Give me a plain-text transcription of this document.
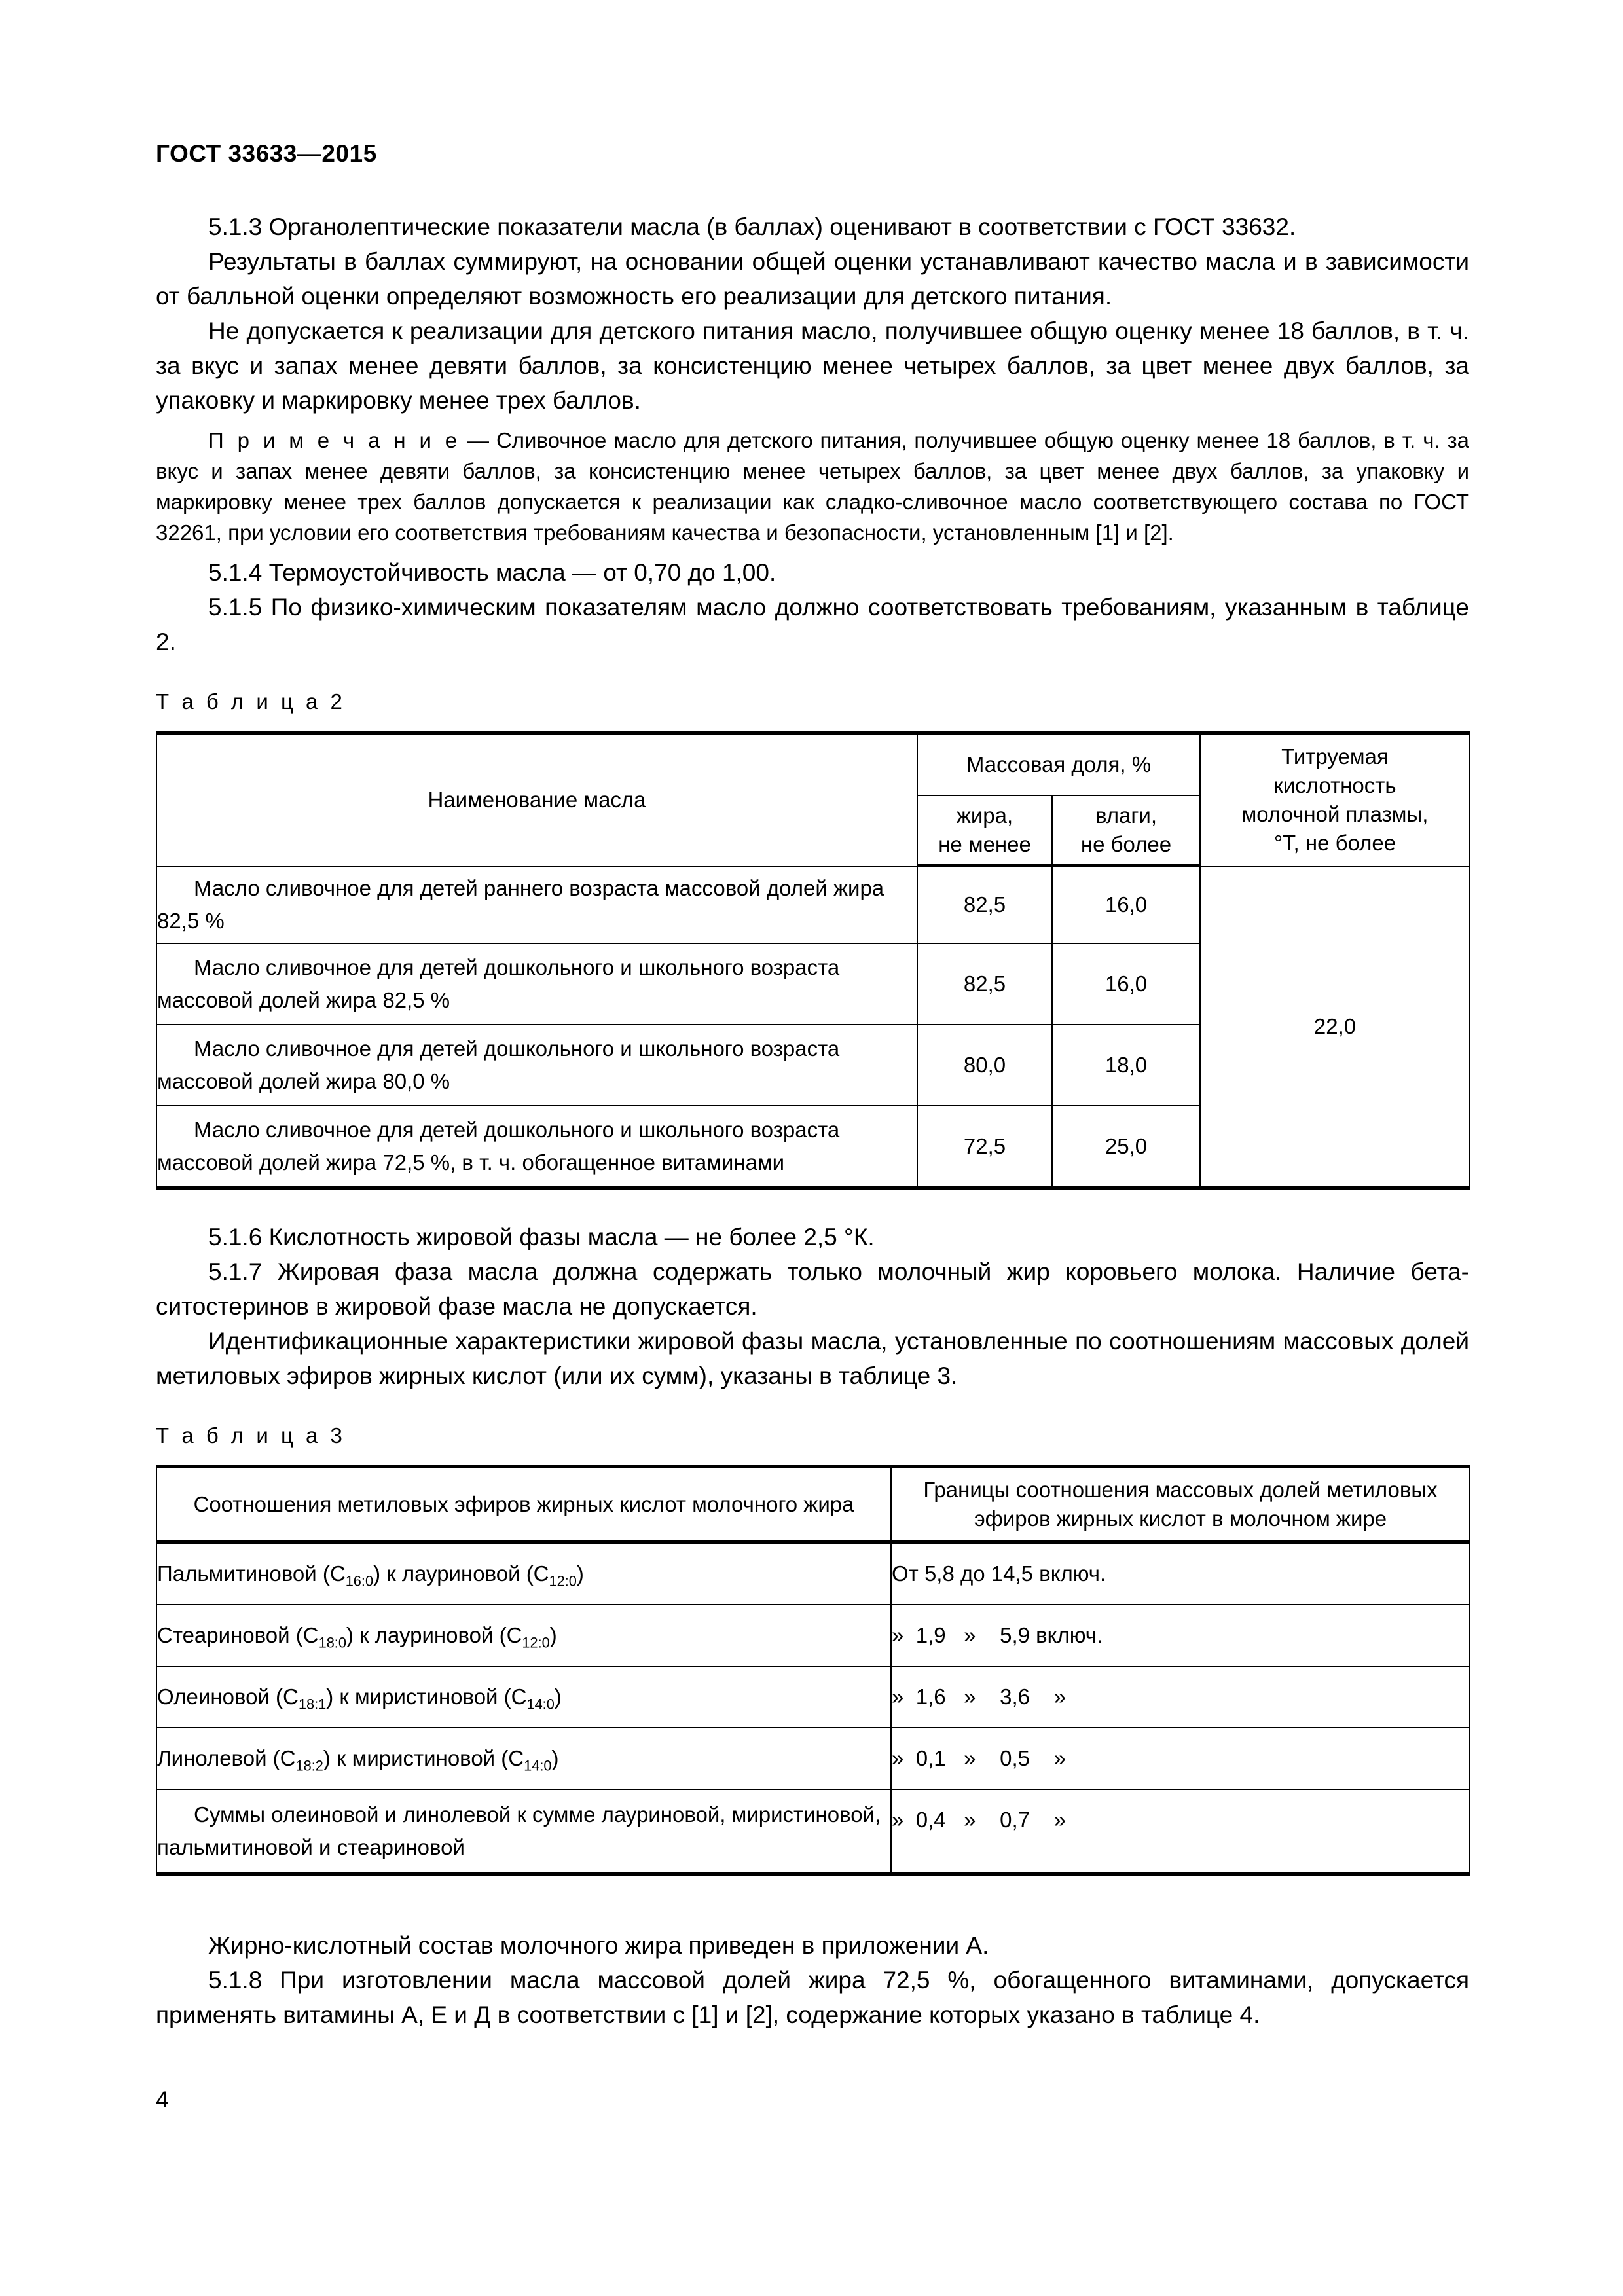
ГОСТ 33633—2015

5.1.3 Органолептические показатели масла (в баллах) оценивают в соответствии с ГОСТ 33632.

Результаты в баллах суммируют, на основании общей оценки устанавливают качество масла и в зависимости от балльной оценки определяют возможность его реализации для детского питания.

Не допускается к реализации для детского питания масло, получившее общую оценку менее 18 баллов, в т. ч. за вкус и запах менее девяти баллов, за консистенцию менее четырех баллов, за цвет менее двух баллов, за упаковку и маркировку менее трех баллов.

П р и м е ч а н и е — Сливочное масло для детского питания, получившее общую оценку менее 18 баллов, в т. ч. за вкус и запах менее девяти баллов, за консистенцию менее четырех баллов, за цвет менее двух баллов, за упаковку и маркировку менее трех баллов допускается к реализации как сладко-сливочное масло соответствующего состава по ГОСТ 32261, при условии его соответствия требованиям качества и безопасности, установленным [1] и [2].

5.1.4 Термоустойчивость масла — от 0,70 до 1,00.

5.1.5 По физико-химическим показателям масло должно соответствовать требованиям, указанным в таблице 2.

Т а б л и ц а 2

Наименование масла	Массовая доля, %		Титруемая
кислотность
молочной плазмы,
°Т, не более
	жира,
не менее	влаги,
не более	
Масло сливочное для детей раннего возраста массовой долей жира 82,5 %	82,5	16,0	22,0
Масло сливочное для детей дошкольного и школьного возраста массовой долей жира 82,5 %	82,5	16,0	
Масло сливочное для детей дошкольного и школьного возраста массовой долей жира 80,0 %	80,0	18,0	
Масло сливочное для детей дошкольного и школьного возраста массовой долей жира 72,5 %, в т. ч. обогащенное витаминами	72,5	25,0	

5.1.6 Кислотность жировой фазы масла — не более 2,5 °К.

5.1.7 Жировая фаза масла должна содержать только молочный жир коровьего молока. Наличие бета-ситостеринов в жировой фазе масла не допускается.

Идентификационные характеристики жировой фазы масла, установленные по соотношениям массовых долей метиловых эфиров жирных кислот (или их сумм), указаны в таблице 3.

Т а б л и ц а 3

Соотношения метиловых эфиров жирных кислот молочного жира	Границы соотношения массовых долей метиловых
эфиров жирных кислот в молочном жире
Пальмитиновой $(С_{16:0})$ к лауриновой $(С_{12:0})$	От 5,8 до 14,5 включ.
Стеариновой $(С_{18:0})$ к лауриновой $(С_{12:0})$	»  1,9   »    5,9 включ.
Олеиновой $(С_{18:1})$ к миристиновой $(С_{14:0})$	»  1,6   »    3,6    »
Линолевой $(С_{18:2})$ к миристиновой $(С_{14:0})$	»  0,1   »    0,5    »
Суммы олеиновой и линолевой к сумме лауриновой, миристиновой, пальмитиновой и стеариновой	»  0,4   »    0,7    »

Жирно-кислотный состав молочного жира приведен в приложении А.

5.1.8 При изготовлении масла массовой долей жира 72,5 %, обогащенного витаминами, допускается применять витамины А, Е и Д в соответствии с [1] и [2], содержание которых указано в таблице 4.

4
